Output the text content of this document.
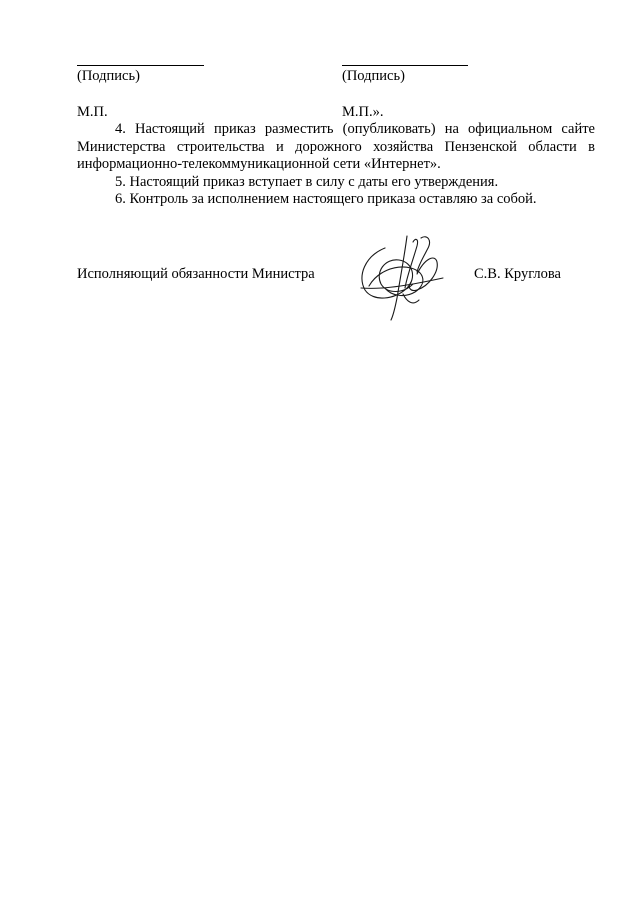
(Подпись)	(Подпись)
М.П.	М.П.».
4. Настоящий приказ разместить (опубликовать) на официальном сайте Министерства строительства и дорожного хозяйства Пензенской области в информационно-телекоммуникационной сети «Интернет».
5. Настоящий приказ вступает в силу с даты его утверждения.
6. Контроль за исполнением настоящего приказа оставляю за собой.
Исполняющий обязанности Министра	С.В. Круглова
